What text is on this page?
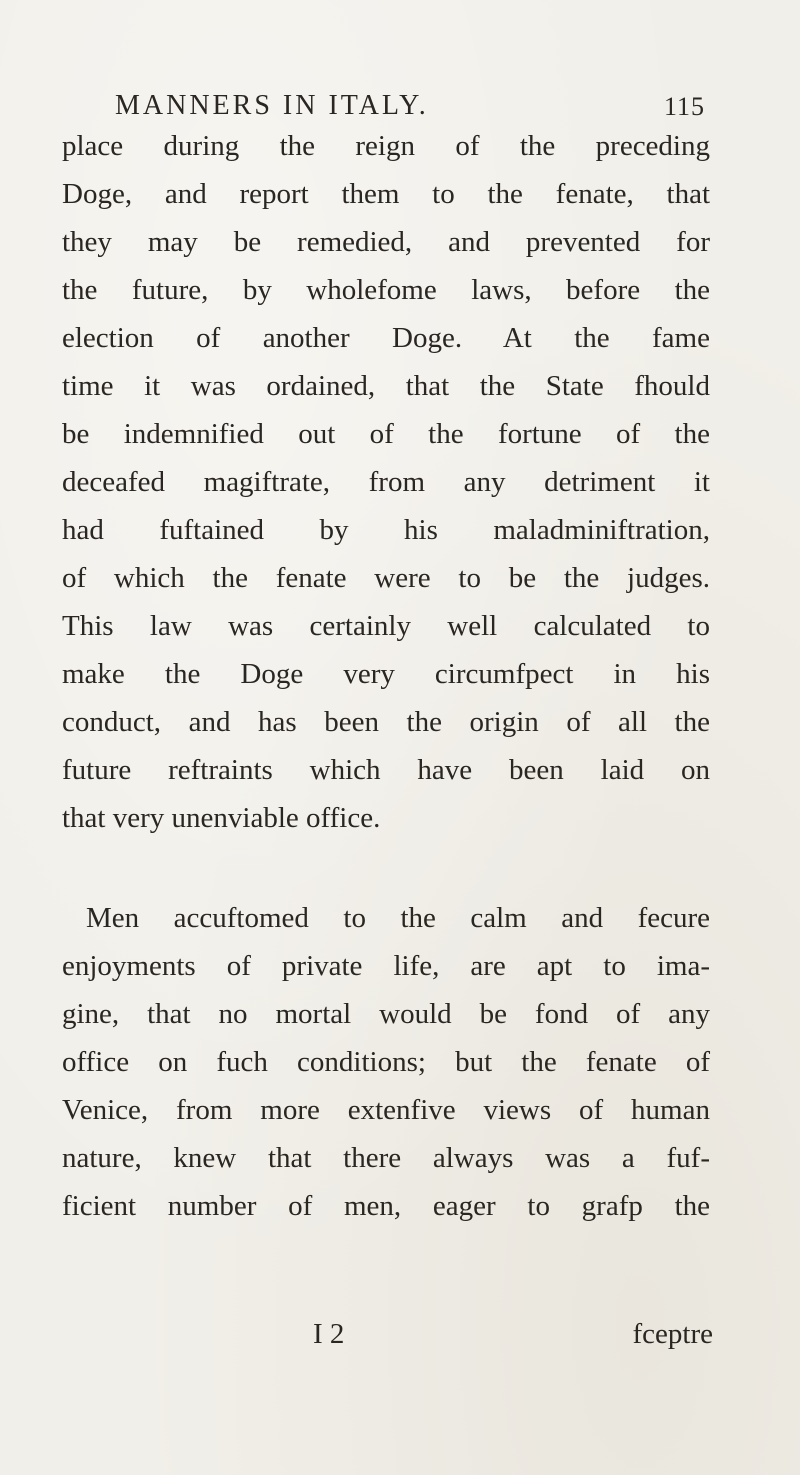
MANNERS IN ITALY.	115
place during the reign of the preceding
Doge, and report them to the fenate, that
they may be remedied, and prevented for
the future, by wholefome laws, before the
election of another Doge. At the fame
time it was ordained, that the State fhould
be indemnified out of the fortune of the
deceafed magiftrate, from any detriment it
had fuftained by his maladminiftration,
of which the fenate were to be the judges.
This law was certainly well calculated to
make the Doge very circumfpect in his
conduct, and has been the origin of all the
future reftraints which have been laid on
that very unenviable office.
Men accuftomed to the calm and fecure
enjoyments of private life, are apt to ima-
gine, that no mortal would be fond of any
office on fuch conditions; but the fenate of
Venice, from more extenfive views of human
nature, knew that there always was a fuf-
ficient number of men, eager to grafp the
I 2	fceptre
